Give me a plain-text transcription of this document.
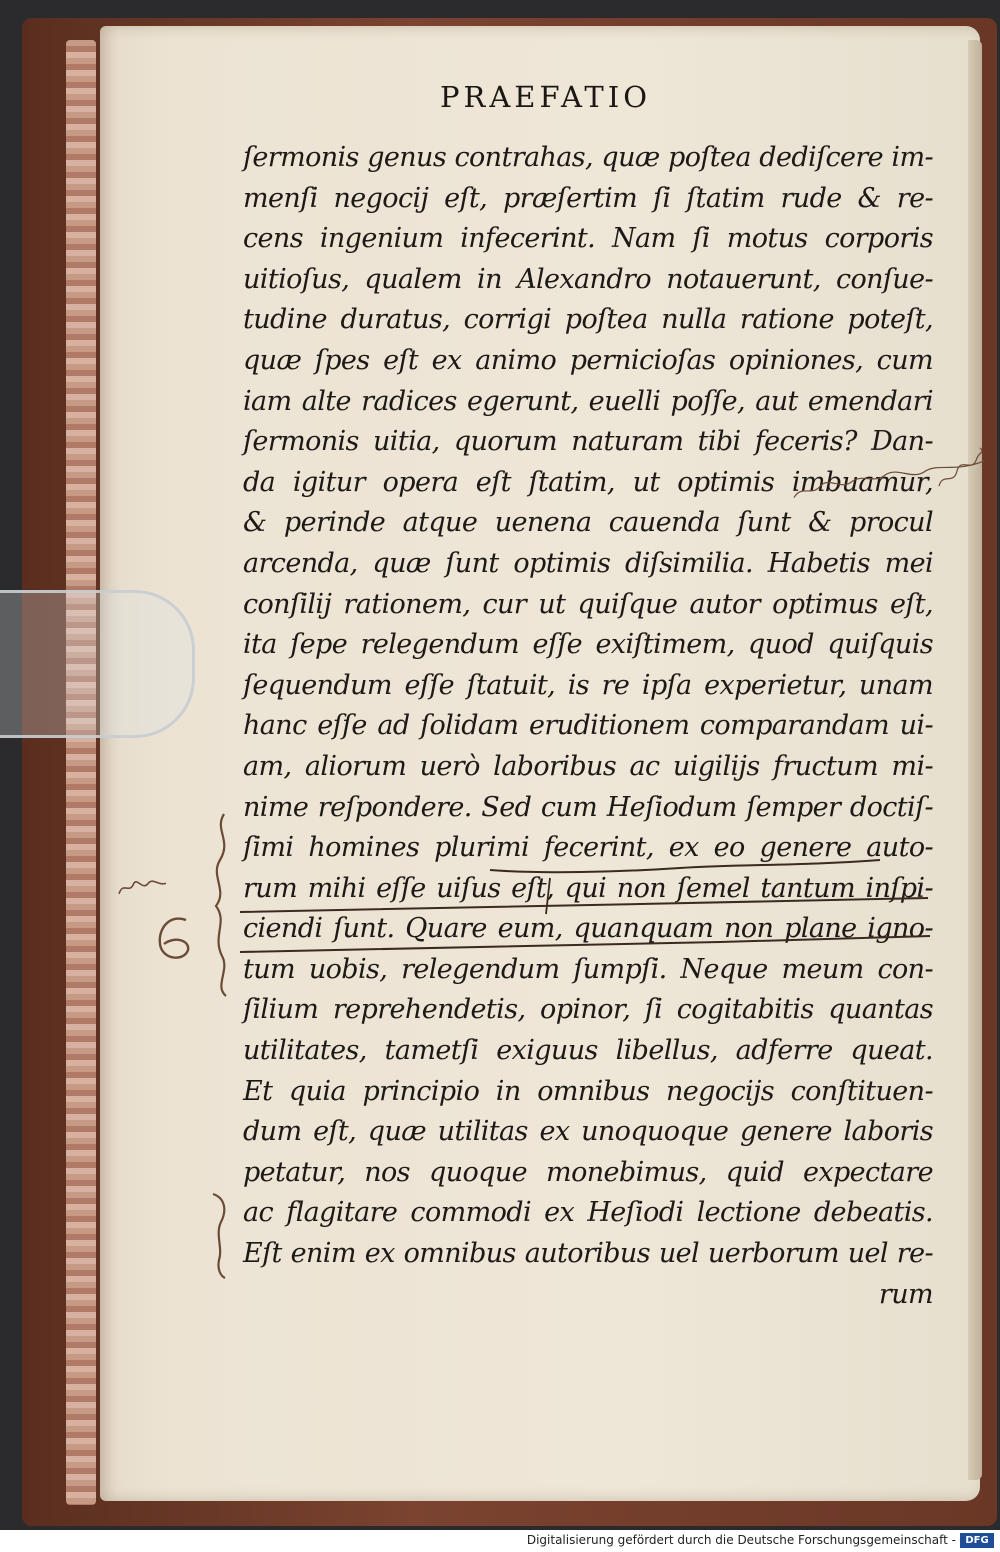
PRAEFATIO
ſermonis genus contrahas, quæ poſtea dediſcere im-
menſi negocij eſt, præſertim ſi ſtatim rude & re-
cens ingenium infecerint. Nam ſi motus corporis
uitioſus, qualem in Alexandro notauerunt, conſue-
tudine duratus, corrigi poſtea nulla ratione poteſt,
quæ ſpes eſt ex animo pernicioſas opiniones, cum
iam alte radices egerunt, euelli poſſe, aut emendari
ſermonis uitia, quorum naturam tibi feceris? Dan-
da igitur opera eſt ſtatim, ut optimis imbuamur,
& perinde atque uenena cauenda ſunt & procul
arcenda, quæ ſunt optimis diſsimilia. Habetis mei
conſilij rationem, cur ut quiſque autor optimus eſt,
ita ſepe relegendum eſſe exiſtimem, quod quiſquis
ſequendum eſſe ſtatuit, is re ipſa experietur, unam
hanc eſſe ad ſolidam eruditionem comparandam ui-
am, aliorum uerò laboribus ac uigilijs fructum mi-
nime reſpondere. Sed cum Heſiodum ſemper doctiſ-
ſimi homines plurimi fecerint, ex eo genere auto-
rum mihi eſſe uiſus eſt, qui non ſemel tantum inſpi-
ciendi ſunt. Quare eum, quanquam non plane igno-
tum uobis, relegendum ſumpſi. Neque meum con-
ſilium reprehendetis, opinor, ſi cogitabitis quantas
utilitates, tametſi exiguus libellus, adferre queat.
Et quia principio in omnibus negocijs conſtituen-
dum eſt, quæ utilitas ex unoquoque genere laboris
petatur, nos quoque monebimus, quid expectare
ac flagitare commodi ex Heſiodi lectione debeatis.
Eſt enim ex omnibus autoribus uel uerborum uel re-
rum
Digitalisierung gefördert durch die Deutsche Forschungsgemeinschaft - DFG
